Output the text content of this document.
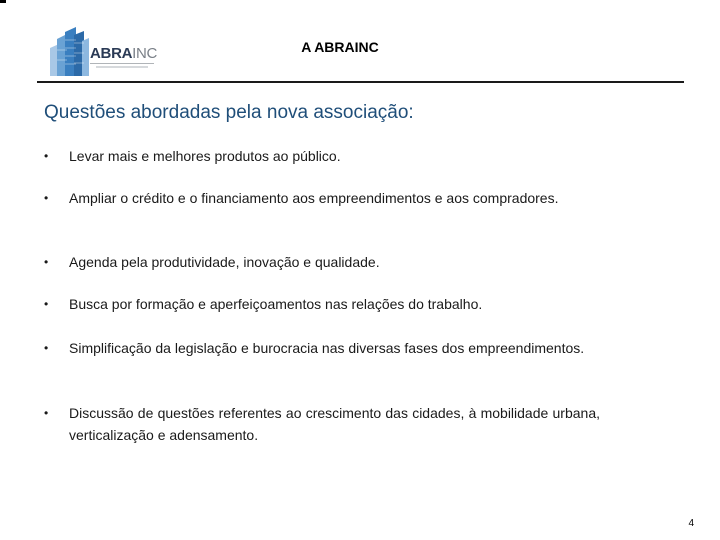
ABRAINC	A ABRAINC
Questões abordadas pela nova associação:
• Levar mais e melhores produtos ao público.
• Ampliar o crédito e o financiamento aos empreendimentos e aos compradores.
• Agenda pela produtividade, inovação e qualidade.
• Busca por formação e aperfeiçoamentos nas relações do trabalho.
• Simplificação da legislação e burocracia nas diversas fases dos empreendimentos.
• Discussão de questões referentes ao crescimento das cidades, à mobilidade urbana, verticalização e adensamento.
4
